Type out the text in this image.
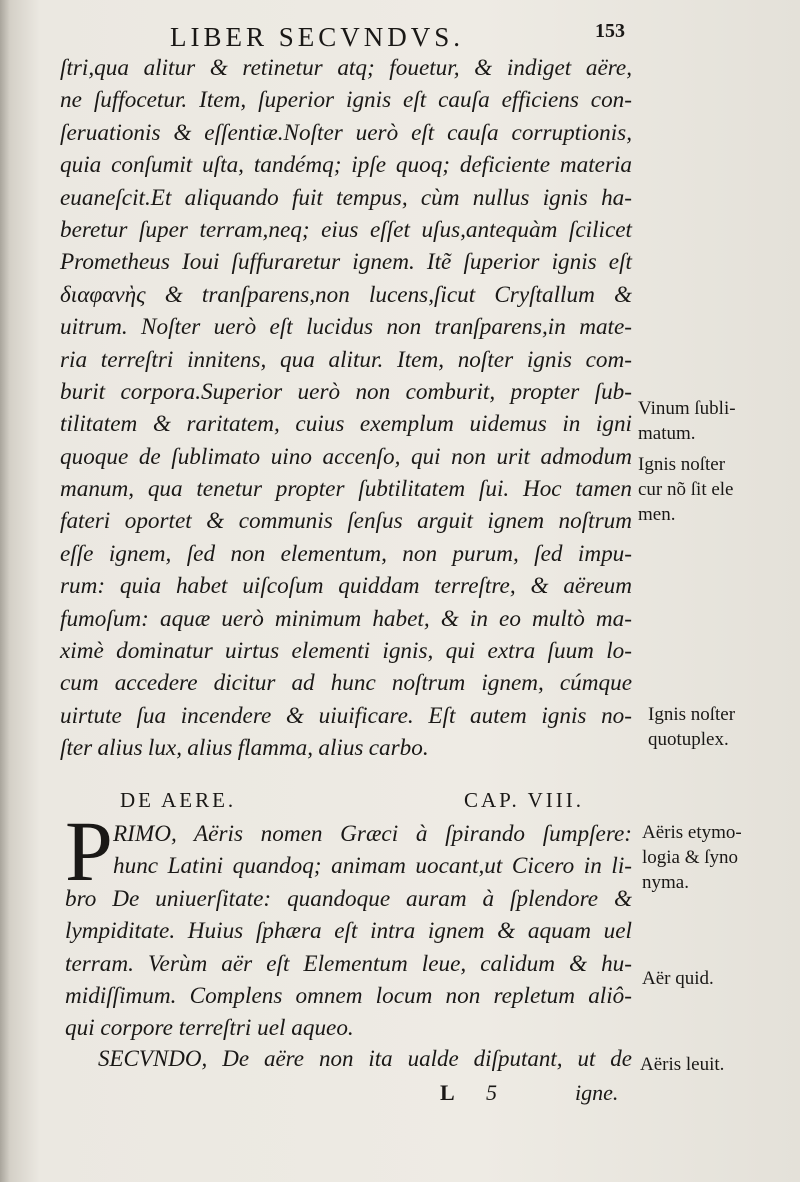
LIBER SECVNDVS.	153
ſtri,qua alitur & retinetur atq; fouetur, & indiget aëre,
ne ſuffocetur. Item, ſuperior ignis eſt cauſa efficiens con-
ſeruationis & eſſentiæ.Noſter uerò eſt cauſa corruptionis,
quia conſumit uſta, tandémq; ipſe quoq; deficiente materia
euaneſcit.Et aliquando fuit tempus, cùm nullus ignis ha-
beretur ſuper terram,neq; eius eſſet uſus,antequàm ſcilicet
Prometheus Ioui ſuffuraretur ignem. Itẽ ſuperior ignis eſt
διαφανὴς & tranſparens,non lucens,ſicut Cryſtallum &
uitrum. Noſter uerò eſt lucidus non tranſparens,in mate-
ria terreſtri innitens, qua alitur. Item, noſter ignis com-
burit corpora.Superior uerò non comburit, propter ſub-
tilitatem & raritatem, cuius exemplum uidemus in igni
quoque de ſublimato uino accenſo, qui non urit admodum
manum, qua tenetur propter ſubtilitatem ſui. Hoc tamen
fateri oportet & communis ſenſus arguit ignem noſtrum
eſſe ignem, ſed non elementum, non purum, ſed impu-
rum: quia habet uiſcoſum quiddam terreſtre, & aëreum
fumoſum: aquæ uerò minimum habet, & in eo multò ma-
ximè dominatur uirtus elementi ignis, qui extra ſuum lo-
cum accedere dicitur ad hunc noſtrum ignem, cúmque
uirtute ſua incendere & uiuificare. Eſt autem ignis no-
ſter alius lux, alius flamma, alius carbo.
DE AERE.	CAP. VIII.
P RIMO, Aëris nomen Græci à ſpirando ſumpſere:
hunc Latini quandoq; animam uocant,ut Cicero in li-
bro De uniuerſitate: quandoque auram à ſplendore &
lympiditate. Huius ſphæra eſt intra ignem & aquam uel
terram. Verùm aër eſt Elementum leue, calidum & hu-
midiſſimum. Complens omnem locum non repletum aliô-
qui corpore terreſtri uel aqueo.
SECVNDO, De aëre non ita ualde diſputant, ut de
L 5	igne.
Vinum ſubli-
matum.
Ignis noſter
cur nõ ſit ele
men.
Ignis noſter
quotuplex.
Aëris etymo-
logia & ſyno
nyma.
Aër quid.
Aëris leuit.
